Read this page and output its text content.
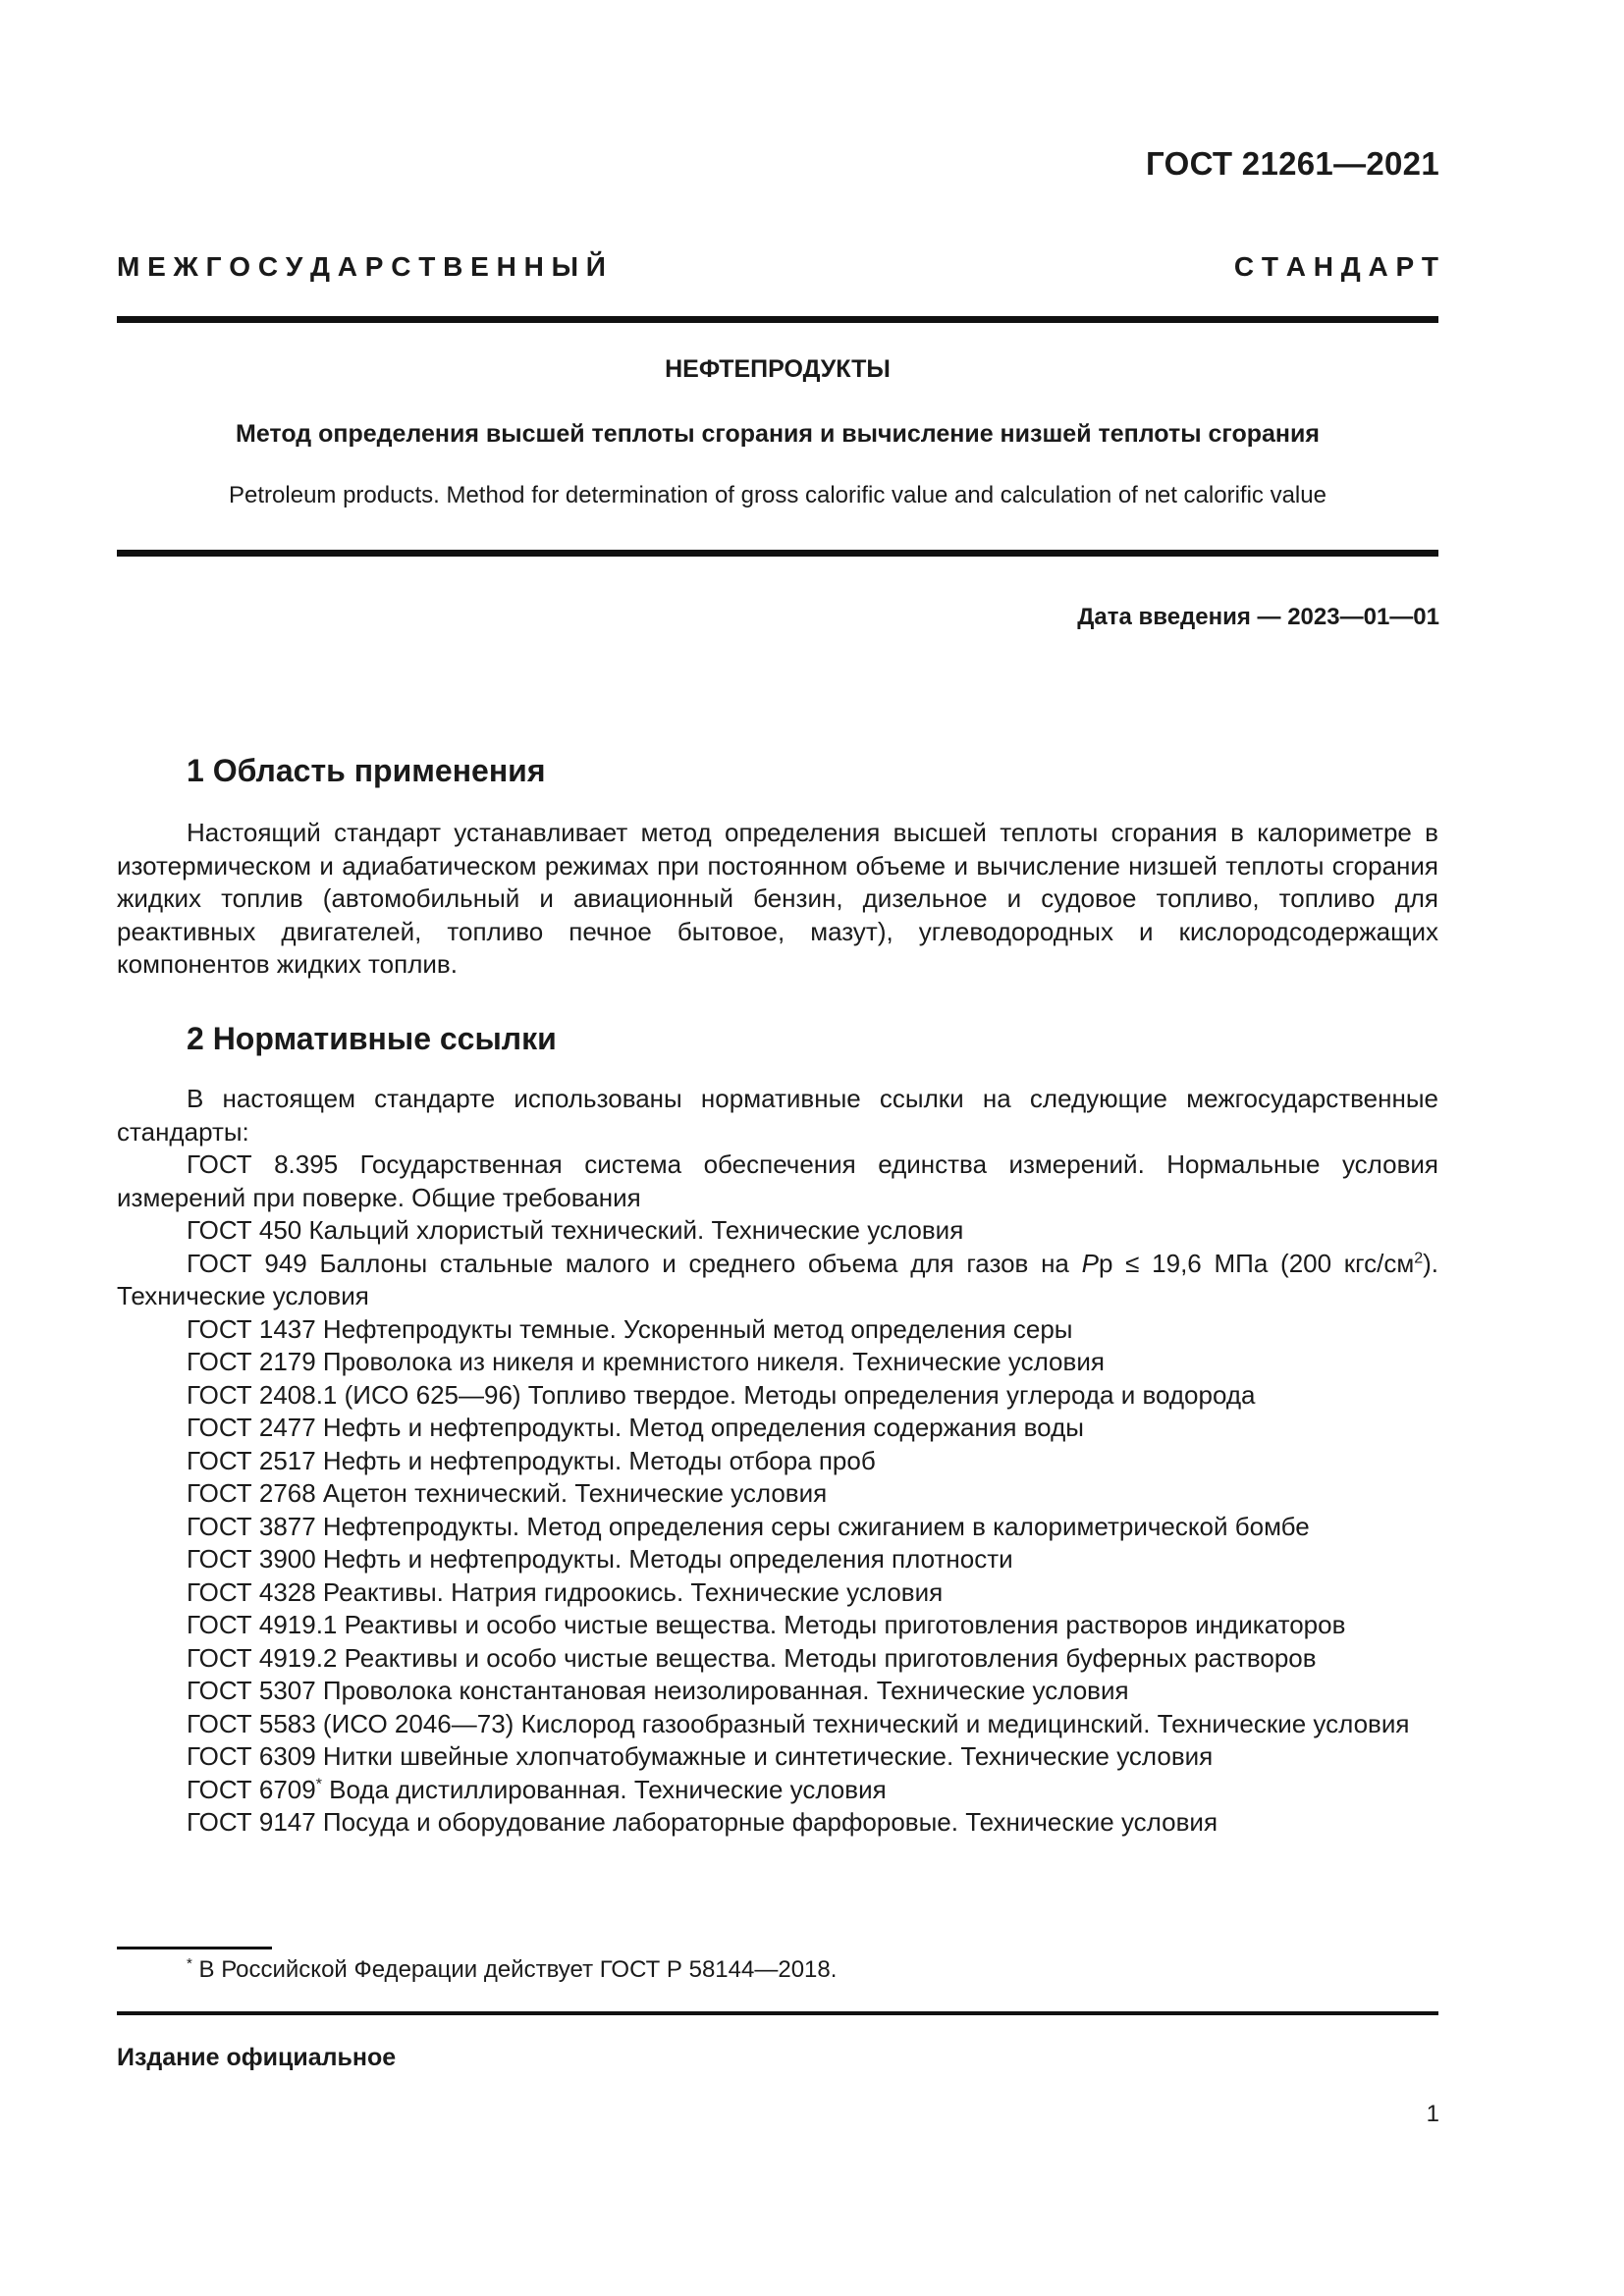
ГОСТ 21261—2021
М Е Ж Г О С У Д А Р С Т В Е Н Н Ы Й	С Т А Н Д А Р Т
НЕФТЕПРОДУКТЫ
Метод определения высшей теплоты сгорания и вычисление низшей теплоты сгорания
Petroleum products. Method for determination of gross calorific value and calculation of net calorific value
Дата введения — 2023—01—01
1 Область применения

Настоящий стандарт устанавливает метод определения высшей теплоты сгорания в калориметре в изотермическом и адиабатическом режимах при постоянном объеме и вычисление низшей теплоты сгорания жидких топлив (автомобильный и авиационный бензин, дизельное и судовое топливо, топливо для реактивных двигателей, топливо печное бытовое, мазут), углеводородных и кислородсодержащих компонентов жидких топлив.

2 Нормативные ссылки

В настоящем стандарте использованы нормативные ссылки на следующие межгосударственные стандарты:

ГОСТ 8.395 Государственная система обеспечения единства измерений. Нормальные условия измерений при поверке. Общие требования

ГОСТ 450 Кальций хлористый технический. Технические условия

ГОСТ 949 Баллоны стальные малого и среднего объема для газов на Pр ≤ 19,6 МПа (200 кгс/$см^2$). Технические условия

ГОСТ 1437 Нефтепродукты темные. Ускоренный метод определения серы

ГОСТ 2179 Проволока из никеля и кремнистого никеля. Технические условия

ГОСТ 2408.1 (ИСО 625—96) Топливо твердое. Методы определения углерода и водорода

ГОСТ 2477 Нефть и нефтепродукты. Метод определения содержания воды

ГОСТ 2517 Нефть и нефтепродукты. Методы отбора проб

ГОСТ 2768 Ацетон технический. Технические условия

ГОСТ 3877 Нефтепродукты. Метод определения серы сжиганием в калориметрической бомбе

ГОСТ 3900 Нефть и нефтепродукты. Методы определения плотности

ГОСТ 4328 Реактивы. Натрия гидроокись. Технические условия

ГОСТ 4919.1 Реактивы и особо чистые вещества. Методы приготовления растворов индикаторов

ГОСТ 4919.2 Реактивы и особо чистые вещества. Методы приготовления буферных растворов

ГОСТ 5307 Проволока константановая неизолированная. Технические условия

ГОСТ 5583 (ИСО 2046—73) Кислород газообразный технический и медицинский. Технические условия

ГОСТ 6309 Нитки швейные хлопчатобумажные и синтетические. Технические условия

ГОСТ 6709* Вода дистиллированная. Технические условия

ГОСТ 9147 Посуда и оборудование лабораторные фарфоровые. Технические условия

* В Российской Федерации действует ГОСТ Р 58144—2018.
Издание официальное
1
